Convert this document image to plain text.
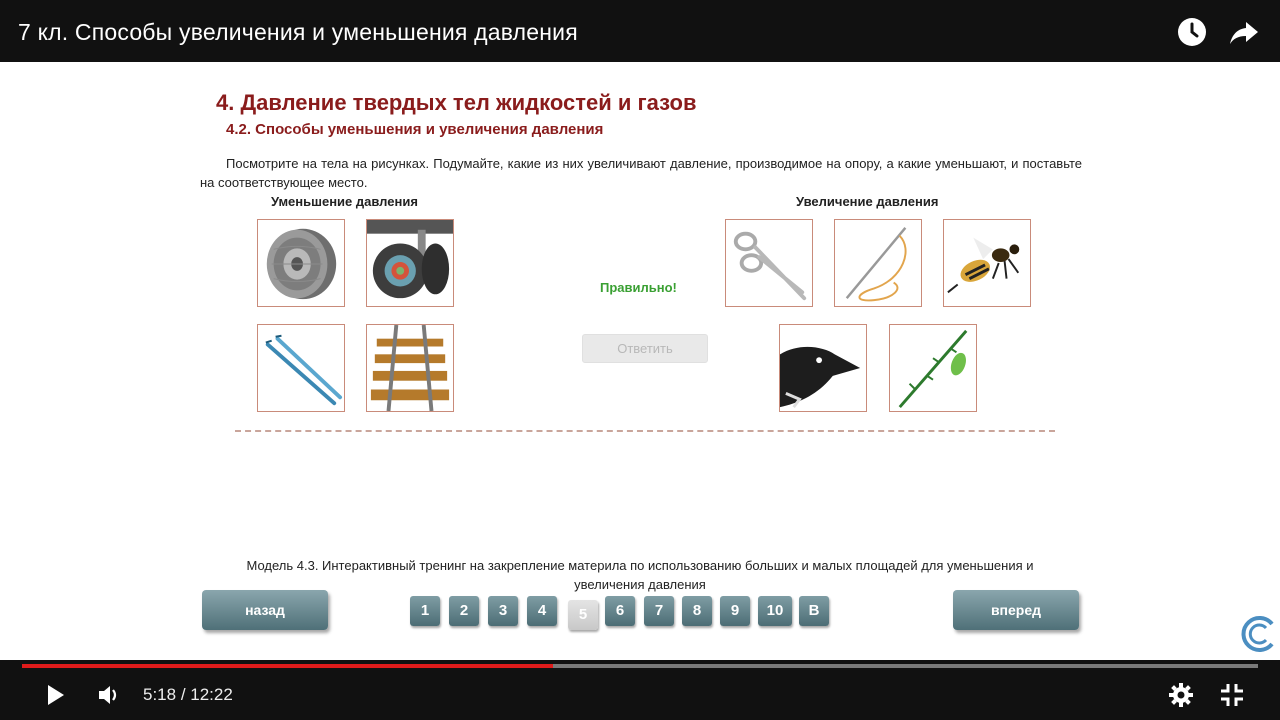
7 кл. Способы увеличения и уменьшения давления
4. Давление твердых тел жидкостей и газов
4.2. Способы уменьшения и увеличения давления
Посмотрите на тела на рисунках. Подумайте, какие из них увеличивают давление, производимое на опору, а какие уменьшают, и поставьте на соответствующее место.
Уменьшение давления	Увеличение давления
Правильно!
Ответить
Модель 4.3. Интерактивный тренинг на закрепление материла по использованию больших и малых площадей для уменьшения и увеличения давления
назад	1	2	3	4	5	6	7	8	9	10	В	вперед
5:18 / 12:22
